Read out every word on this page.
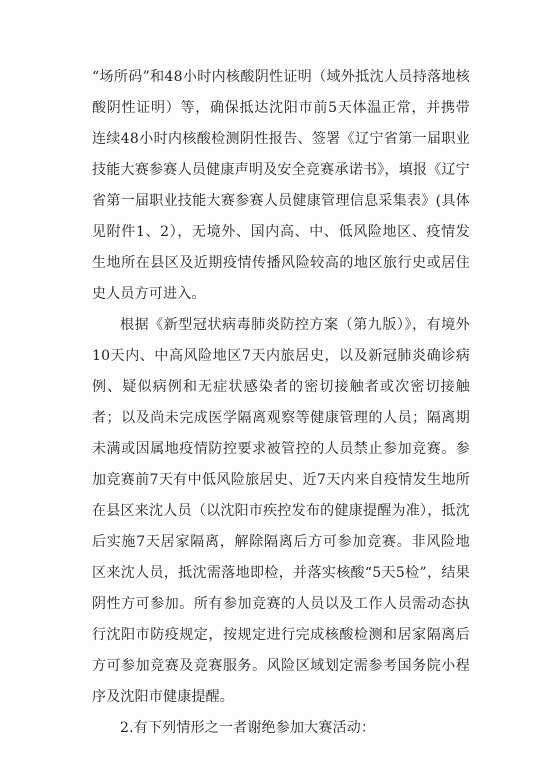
“场所码”和48小时内核酸阴性证明（域外抵沈人员持落地核酸阴性证明）等，确保抵达沈阳市前5天体温正常，并携带连续48小时内核酸检测阴性报告、签署《辽宁省第一届职业技能大赛参赛人员健康声明及安全竞赛承诺书》，填报《辽宁省第一届职业技能大赛参赛人员健康管理信息采集表》(具体见附件1、2），无境外、国内高、中、低风险地区、疫情发生地所在县区及近期疫情传播风险较高的地区旅行史或居住史人员方可进入。

根据《新型冠状病毒肺炎防控方案（第九版）》，有境外10天内、中高风险地区7天内旅居史，以及新冠肺炎确诊病例、疑似病例和无症状感染者的密切接触者或次密切接触者；以及尚未完成医学隔离观察等健康管理的人员；隔离期未满或因属地疫情防控要求被管控的人员禁止参加竞赛。参加竞赛前7天有中低风险旅居史、近7天内来自疫情发生地所在县区来沈人员（以沈阳市疾控发布的健康提醒为准），抵沈后实施7天居家隔离，解除隔离后方可参加竞赛。非风险地区来沈人员，抵沈需落地即检，并落实核酸“5天5检”，结果阴性方可参加。所有参加竞赛的人员以及工作人员需动态执行沈阳市防疫规定，按规定进行完成核酸检测和居家隔离后方可参加竞赛及竞赛服务。风险区域划定需参考国务院小程序及沈阳市健康提醒。

2.有下列情形之一者谢绝参加大赛活动：
